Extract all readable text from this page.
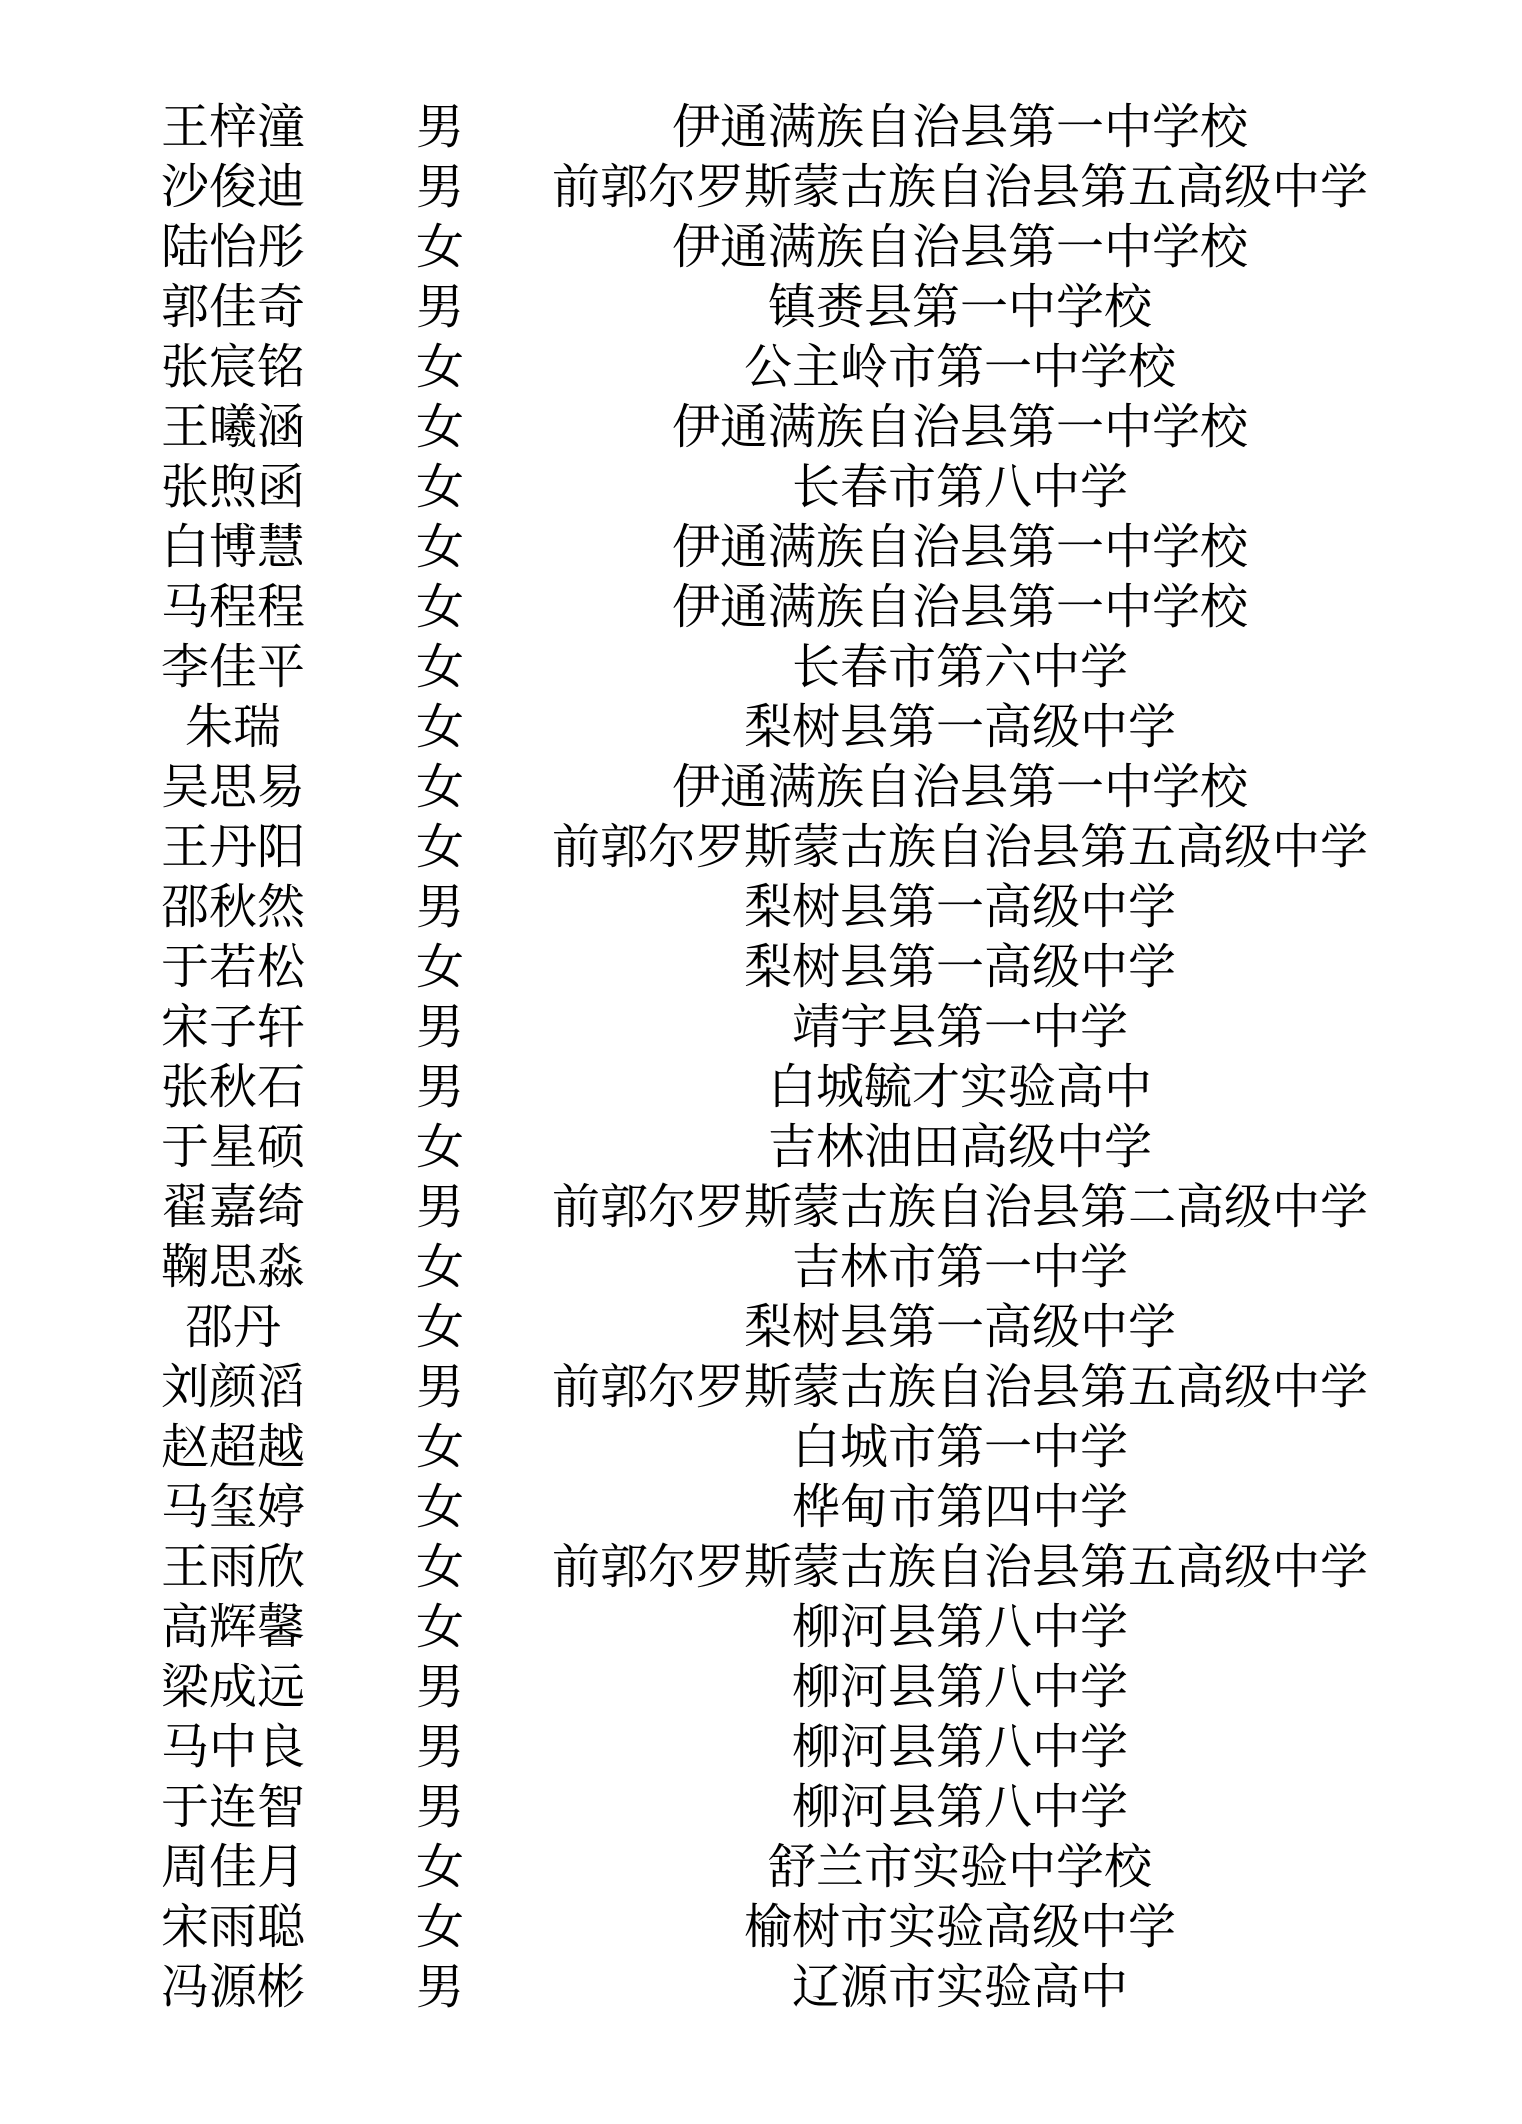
王梓潼 男	伊通满族自治县第一中学校
沙俊迪 男 前郭尔罗斯蒙古族自治县第五高级中学
陆怡彤 女	伊通满族自治县第一中学校
郭佳奇 男	镇赉县第一中学校
张宸铭 女	公主岭市第一中学校
王曦涵 女	伊通满族自治县第一中学校
张煦函 女	长春市第八中学
白博慧 女	伊通满族自治县第一中学校
马程程 女	伊通满族自治县第一中学校
李佳平 女	长春市第六中学
朱瑞	女	梨树县第一高级中学
吴思易 女	伊通满族自治县第一中学校
王丹阳 女 前郭尔罗斯蒙古族自治县第五高级中学
邵秋然 男	梨树县第一高级中学
于若松 女	梨树县第一高级中学
宋子轩 男	靖宇县第一中学
张秋石 男	白城毓才实验高中
于星硕 女	吉林油田高级中学
翟嘉绮 男 前郭尔罗斯蒙古族自治县第二高级中学
鞠思淼 女	吉林市第一中学
邵丹	女	梨树县第一高级中学
刘颜滔 男 前郭尔罗斯蒙古族自治县第五高级中学
赵超越 女	白城市第一中学
马玺婷 女	桦甸市第四中学
王雨欣 女 前郭尔罗斯蒙古族自治县第五高级中学
高辉馨 女	柳河县第八中学
梁成远 男	柳河县第八中学
马中良 男	柳河县第八中学
于连智 男	柳河县第八中学
周佳月 女	舒兰市实验中学校
宋雨聪 女	榆树市实验高级中学
冯源彬 男	辽源市实验高中
